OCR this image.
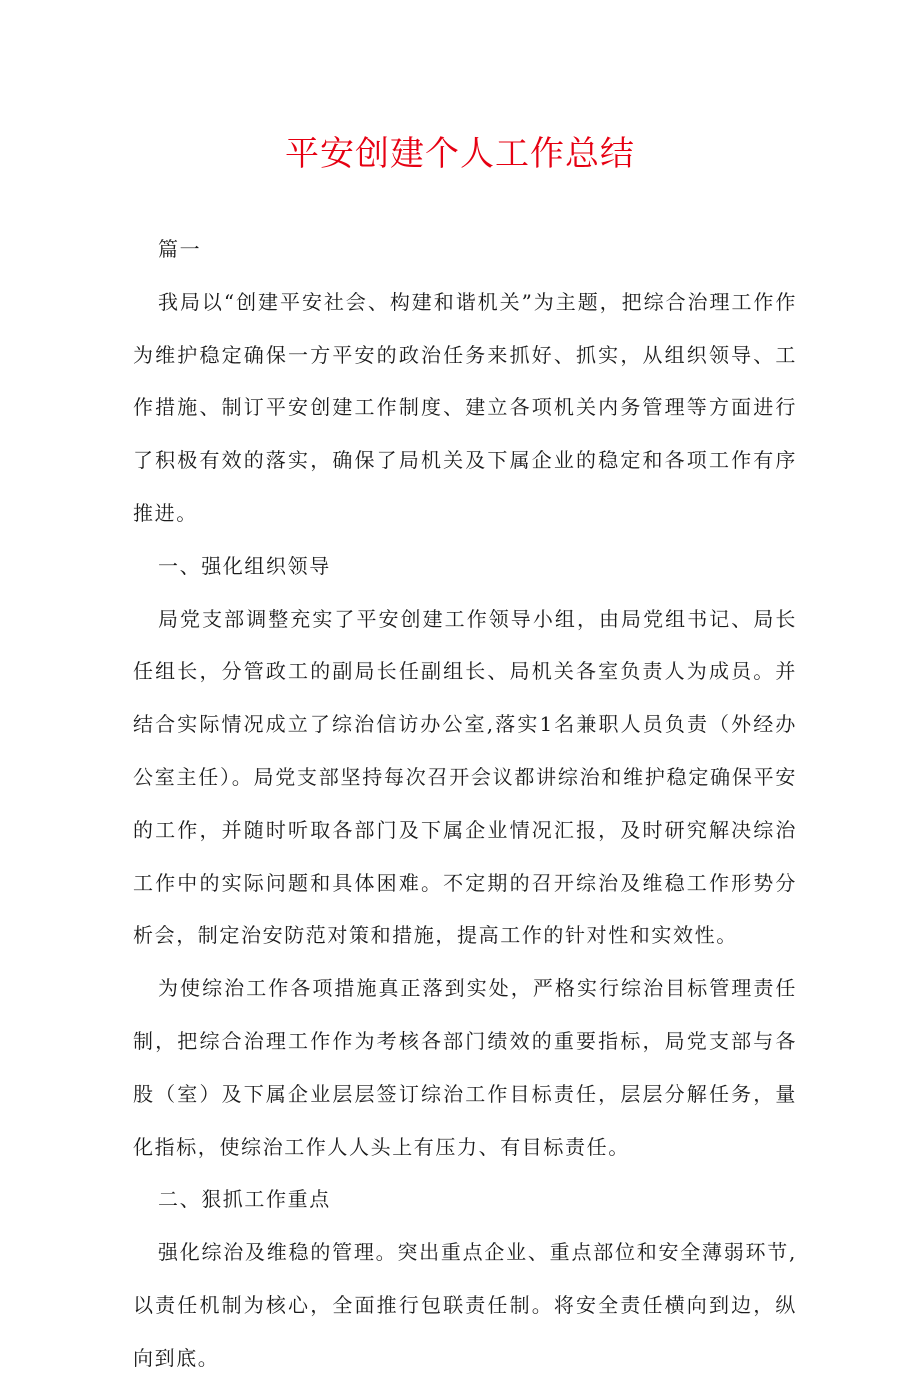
平安创建个人工作总结

篇一

我局以“创建平安社会、构建和谐机关”为主题，把综合治理工作作为维护稳定确保一方平安的政治任务来抓好、抓实，从组织领导、工作措施、制订平安创建工作制度、建立各项机关内务管理等方面进行了积极有效的落实，确保了局机关及下属企业的稳定和各项工作有序推进。

一、强化组织领导

局党支部调整充实了平安创建工作领导小组，由局党组书记、局长任组长，分管政工的副局长任副组长、局机关各室负责人为成员。并结合实际情况成立了综治信访办公室,落实1名兼职人员负责（外经办公室主任）。局党支部坚持每次召开会议都讲综治和维护稳定确保平安的工作，并随时听取各部门及下属企业情况汇报，及时研究解决综治工作中的实际问题和具体困难。不定期的召开综治及维稳工作形势分析会，制定治安防范对策和措施，提高工作的针对性和实效性。

为使综治工作各项措施真正落到实处，严格实行综治目标管理责任制，把综合治理工作作为考核各部门绩效的重要指标，局党支部与各股（室）及下属企业层层签订综治工作目标责任，层层分解任务，量化指标，使综治工作人人头上有压力、有目标责任。

二、狠抓工作重点

强化综治及维稳的管理。突出重点企业、重点部位和安全薄弱环节,以责任机制为核心，全面推行包联责任制。将安全责任横向到边，纵向到底。
